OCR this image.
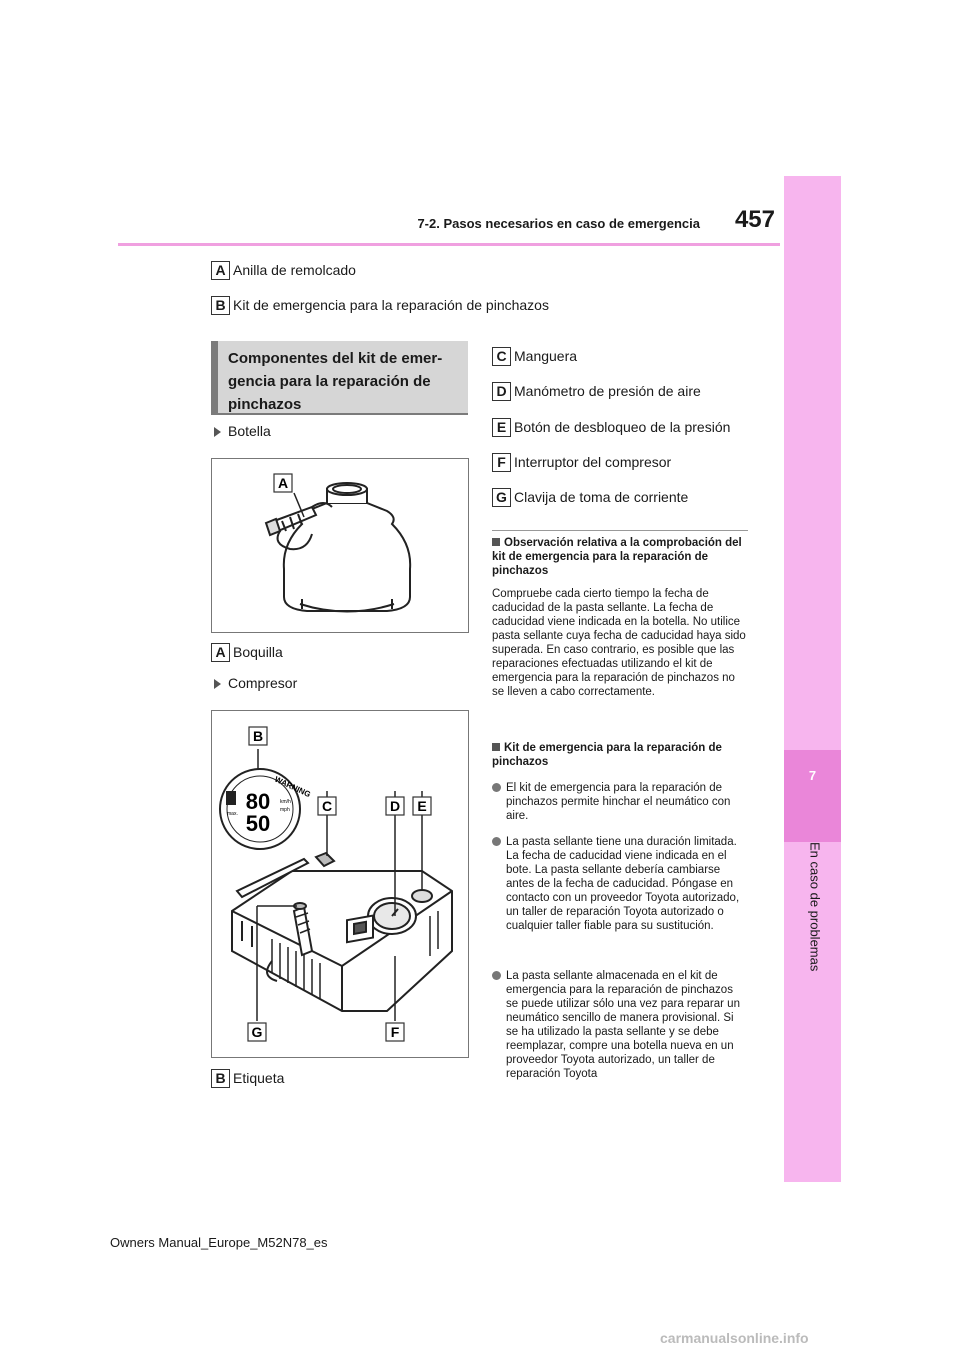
7-2. Pasos necesarios en caso de emergencia	457
7
En caso de problemas
A Anilla de remolcado
B Kit de emergencia para la reparación de pinchazos
Componentes del kit de emer-
gencia para la reparación de
pinchazos
Botella
A
A Boquilla
Compresor
WARNING
80
50
km/h
mph
max.
B
C	D E
G	F
B Etiqueta
C Manguera
D Manómetro de presión de aire
E Botón de desbloqueo de la presión
F Interruptor del compresor
G Clavija de toma de corriente
Observación relativa a la comprobación del kit de emergencia para la reparación de pinchazos
Compruebe cada cierto tiempo la fecha de caducidad de la pasta sellante. La fecha de caducidad viene indicada en la botella. No utilice pasta sellante cuya fecha de caducidad haya sido superada. En caso contrario, es posible que las reparaciones efectuadas utilizando el kit de emergencia para la reparación de pinchazos no se lleven a cabo correctamente.
Kit de emergencia para la reparación de pinchazos
El kit de emergencia para la reparación de pinchazos permite hinchar el neumático con aire.
La pasta sellante tiene una duración limitada. La fecha de caducidad viene indicada en el bote. La pasta sellante debería cambiarse antes de la fecha de caducidad. Póngase en contacto con un proveedor Toyota autorizado, un taller de reparación Toyota autorizado o cualquier taller fiable para su sustitución.
La pasta sellante almacenada en el kit de emergencia para la reparación de pinchazos se puede utilizar sólo una vez para reparar un neumático sencillo de manera provisional. Si se ha utilizado la pasta sellante y se debe reemplazar, compre una botella nueva en un proveedor Toyota autorizado, un taller de reparación Toyota
Owners Manual_Europe_M52N78_es
carmanualsonline.info
